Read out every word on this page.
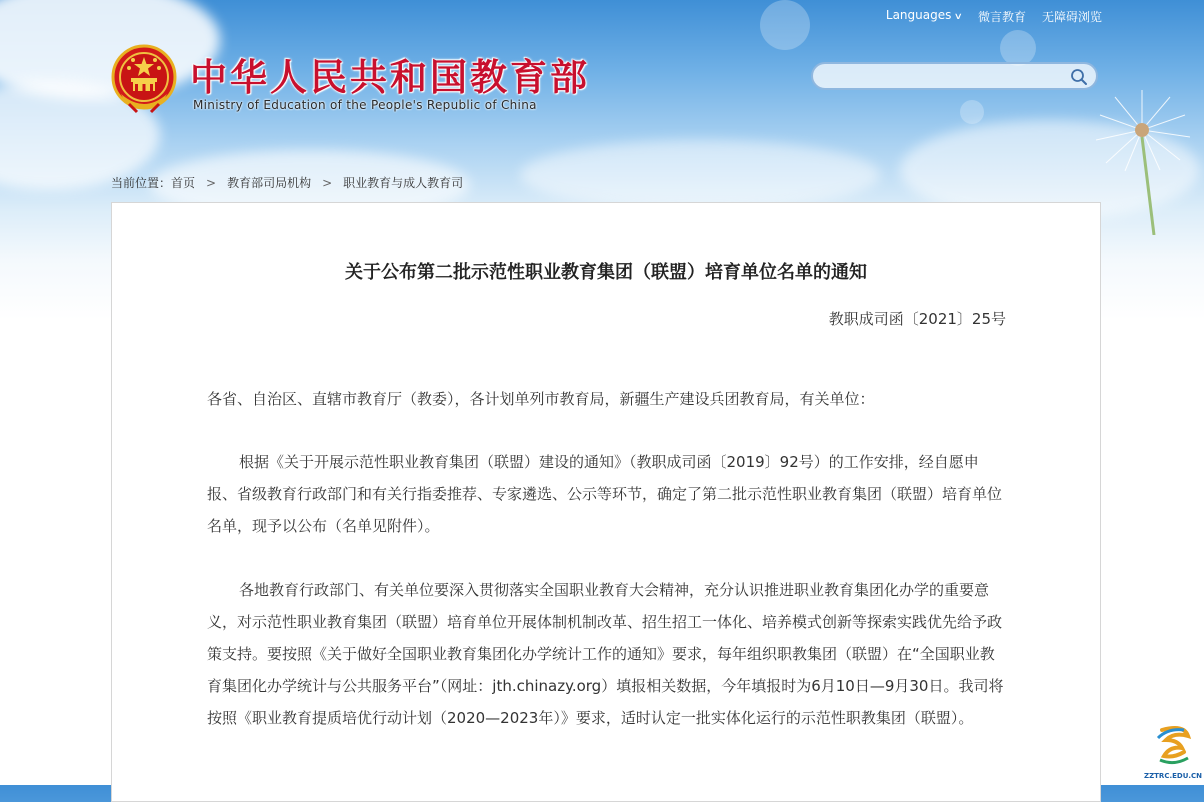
Languages ∨ 微言教育 无障碍浏览
中华人民共和国教育部
Ministry of Education of the People's Republic of China
当前位置： 首页 > 教育部司局机构 > 职业教育与成人教育司
关于公布第二批示范性职业教育集团（联盟）培育单位名单的通知
教职成司函〔2021〕25号
各省、自治区、直辖市教育厅（教委），各计划单列市教育局，新疆生产建设兵团教育局，有关单位：

根据《关于开展示范性职业教育集团（联盟）建设的通知》（教职成司函〔2019〕92号）的工作安排，经自愿申报、省级教育行政部门和有关行指委推荐、专家遴选、公示等环节，确定了第二批示范性职业教育集团（联盟）培育单位名单，现予以公布（名单见附件）。

各地教育行政部门、有关单位要深入贯彻落实全国职业教育大会精神，充分认识推进职业教育集团化办学的重要意义，对示范性职业教育集团（联盟）培育单位开展体制机制改革、招生招工一体化、培养模式创新等探索实践优先给予政策支持。要按照《关于做好全国职业教育集团化办学统计工作的通知》要求，每年组织职教集团（联盟）在“全国职业教育集团化办学统计与公共服务平台”（网址：jth.chinazy.org）填报相关数据，今年填报时为6月10日—9月30日。我司将按照《职业教育提质培优行动计划（2020—2023年）》要求，适时认定一批实体化运行的示范性职教集团（联盟）。

ZZTRC.EDU.CN
